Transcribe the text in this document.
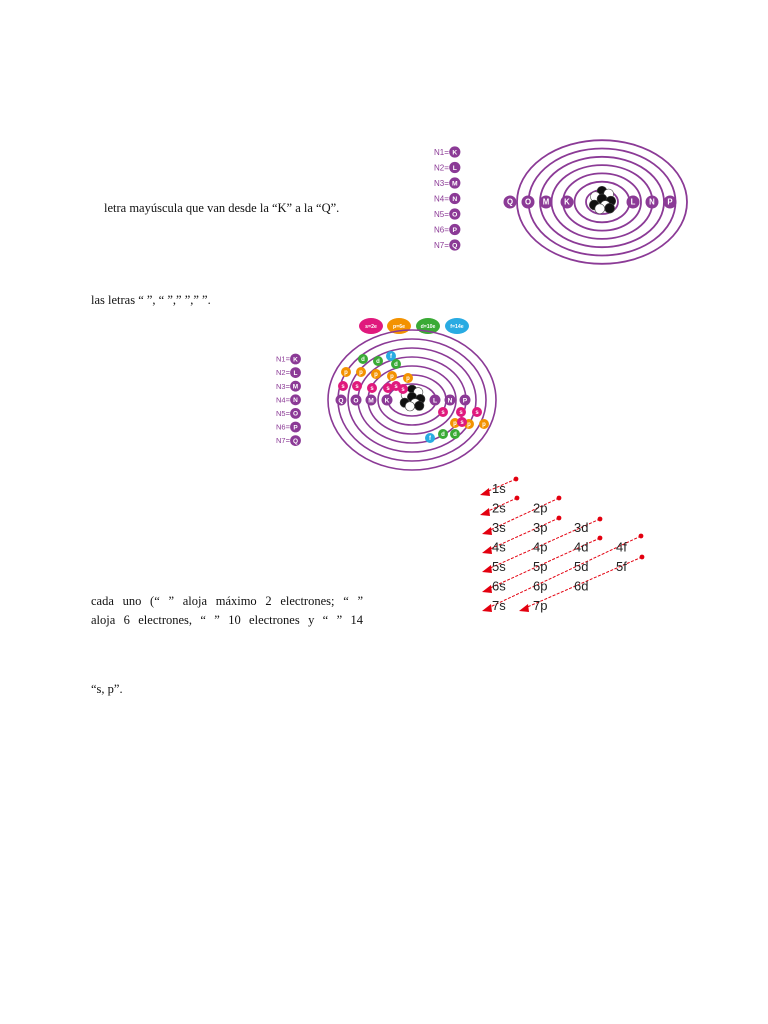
letra mayúscula que van desde la “K” a la “Q”.
las letras “ ”, “ ”,” ”,” ”.
cada uno (“ ” aloja máximo 2 electrones; “ ”
aloja 6 electrones, “ ” 10 electrones y “ ” 14
“s, p”.
N1= K
N2= L
N3= M
N4= N
N5= O
N6= P
N7= Q
Q O M K	L N P
s=2e	p=6e	d=10e	f=14e
N1= K
N2= L
N3= M
N4= N
N5= O
N6= P
N7= Q
Q O M K	L N P
s
p
s
p
d
s
p
d
f
s
p
d
s
p
s
s
p
d
f
s
p
d
s
p
s
1s
2s 2p
3s 3p 3d
4s 4p 4d 4f
5s 5p 5d 5f
6s 6p 6d
7s 7p
